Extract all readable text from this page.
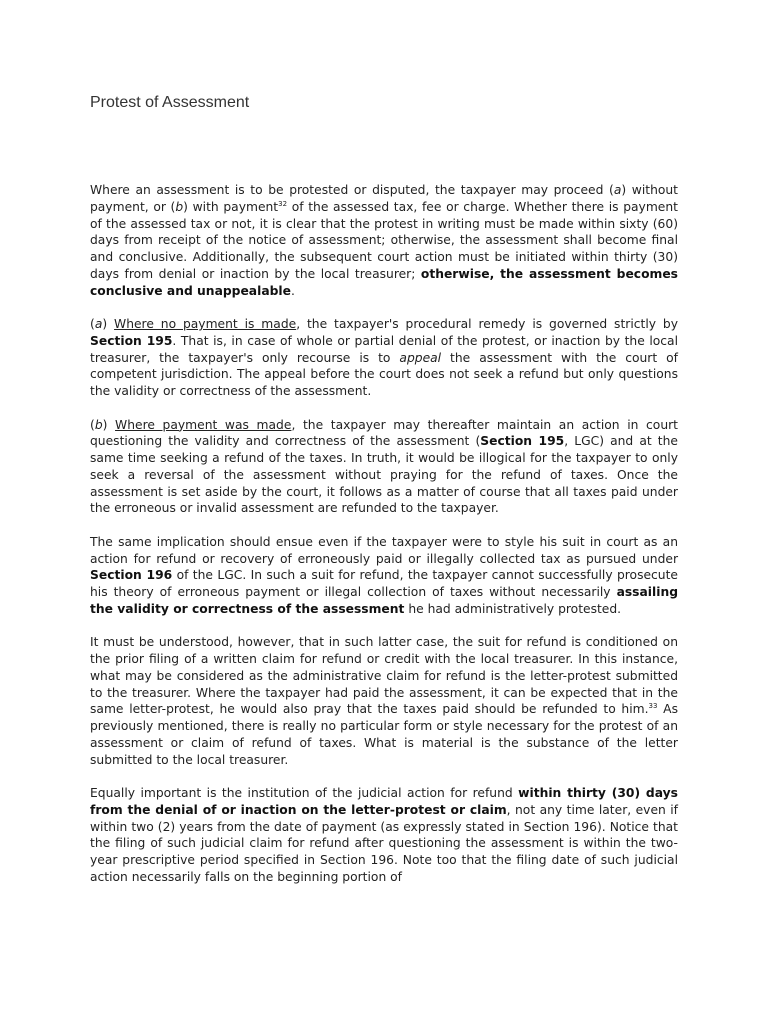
Protest of Assessment

Where an assessment is to be protested or disputed, the taxpayer may proceed (a) without payment, or (b) with payment$^{32}$ of the assessed tax, fee or charge. Whether there is payment of the assessed tax or not, it is clear that the protest in writing must be made within sixty (60) days from receipt of the notice of assessment; otherwise, the assessment shall become final and conclusive. Additionally, the subsequent court action must be initiated within thirty (30) days from denial or inaction by the local treasurer; otherwise, the assessment becomes conclusive and unappealable.

(a) Where no payment is made, the taxpayer's procedural remedy is governed strictly by Section 195. That is, in case of whole or partial denial of the protest, or inaction by the local treasurer, the taxpayer's only recourse is to appeal the assessment with the court of competent jurisdiction. The appeal before the court does not seek a refund but only questions the validity or correctness of the assessment.

(b) Where payment was made, the taxpayer may thereafter maintain an action in court questioning the validity and correctness of the assessment (Section 195, LGC) and at the same time seeking a refund of the taxes. In truth, it would be illogical for the taxpayer to only seek a reversal of the assessment without praying for the refund of taxes. Once the assessment is set aside by the court, it follows as a matter of course that all taxes paid under the erroneous or invalid assessment are refunded to the taxpayer.

The same implication should ensue even if the taxpayer were to style his suit in court as an action for refund or recovery of erroneously paid or illegally collected tax as pursued under Section 196 of the LGC. In such a suit for refund, the taxpayer cannot successfully prosecute his theory of erroneous payment or illegal collection of taxes without necessarily assailing the validity or correctness of the assessment he had administratively protested.

It must be understood, however, that in such latter case, the suit for refund is conditioned on the prior filing of a written claim for refund or credit with the local treasurer. In this instance, what may be considered as the administrative claim for refund is the letter-protest submitted to the treasurer. Where the taxpayer had paid the assessment, it can be expected that in the same letter-protest, he would also pray that the taxes paid should be refunded to him.$^{33}$ As previously mentioned, there is really no particular form or style necessary for the protest of an assessment or claim of refund of taxes. What is material is the substance of the letter submitted to the local treasurer.

Equally important is the institution of the judicial action for refund within thirty (30) days from the denial of or inaction on the letter-protest or claim, not any time later, even if within two (2) years from the date of payment (as expressly stated in Section 196). Notice that the filing of such judicial claim for refund after questioning the assessment is within the two-year prescriptive period specified in Section 196. Note too that the filing date of such judicial action necessarily falls on the beginning portion of
